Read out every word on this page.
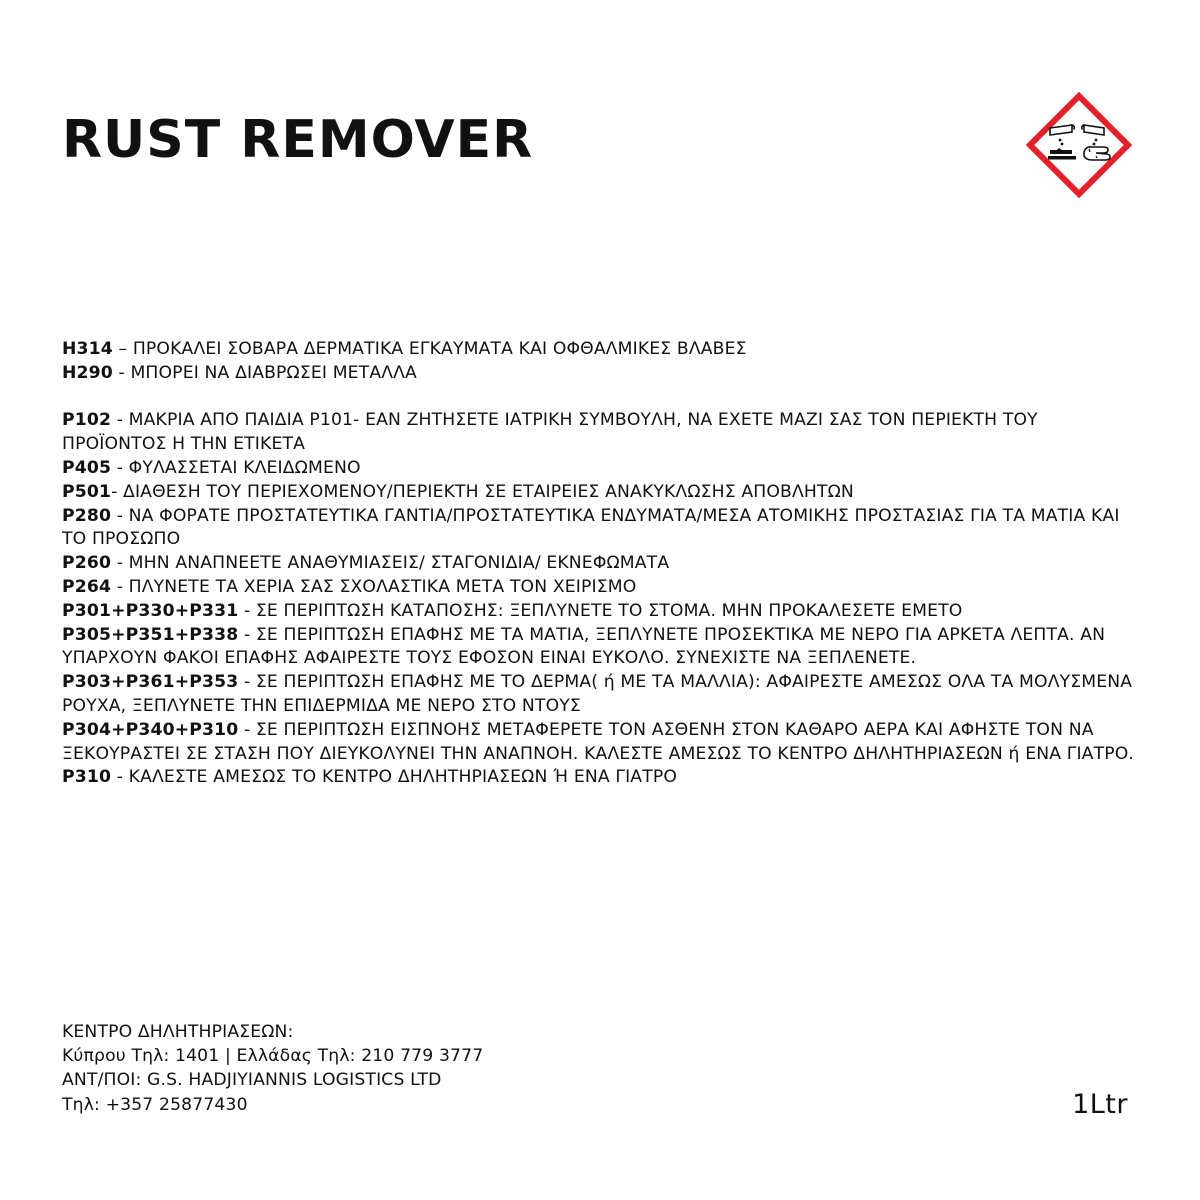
RUST REMOVER

H314 – ΠΡΟΚΑΛΕΙ ΣΟΒΑΡΑ ΔΕΡΜΑΤΙΚΑ ΕΓΚΑΥΜΑΤΑ ΚΑΙ ΟΦΘΑΛΜΙΚΕΣ ΒΛΑΒΕΣ

H290 - ΜΠΟΡΕΙ ΝΑ ΔΙΑΒΡΩΣΕΙ ΜΕΤΑΛΛΑ

P102 - ΜΑΚΡΙΑ ΑΠΟ ΠΑΙΔΙΑ P101- ΕΑΝ ΖΗΤΗΣΕΤΕ ΙΑΤΡΙΚΗ ΣΥΜΒΟΥΛΗ, ΝΑ ΕΧΕΤΕ ΜΑΖΙ ΣΑΣ ΤΟΝ ΠΕΡΙΕΚΤΗ ΤΟΥ ΠΡΟΪΟΝΤΟΣ Η ΤΗΝ ΕΤΙΚΕΤΑ

P405 - ΦΥΛΑΣΣΕΤΑΙ ΚΛΕΙΔΩΜΕΝΟ

P501- ΔΙΑΘΕΣΗ ΤΟΥ ΠΕΡΙΕΧΟΜΕΝΟΥ/ΠΕΡΙΕΚΤΗ ΣΕ ΕΤΑΙΡΕΙΕΣ ΑΝΑΚΥΚΛΩΣΗΣ ΑΠΟΒΛΗΤΩΝ

P280 - ΝΑ ΦΟΡΑΤΕ ΠΡΟΣΤΑΤΕΥΤΙΚΑ ΓΑΝΤΙΑ/ΠΡΟΣΤΑΤΕΥΤΙΚΑ ΕΝΔΥΜΑΤΑ/ΜΕΣΑ ΑΤΟΜΙΚΗΣ ΠΡΟΣΤΑΣΙΑΣ ΓΙΑ ΤΑ ΜΑΤΙΑ ΚΑΙ ΤΟ ΠΡΟΣΩΠΟ

P260 - ΜΗΝ ΑΝΑΠΝΕΕΤΕ ΑΝΑΘΥΜΙΑΣΕΙΣ/ ΣΤΑΓΟΝΙΔΙΑ/ ΕΚΝΕΦΩΜΑΤΑ

P264 - ΠΛΥΝΕΤΕ ΤΑ ΧΕΡΙΑ ΣΑΣ ΣΧΟΛΑΣΤΙΚΑ ΜΕΤΑ ΤΟΝ ΧΕΙΡΙΣΜΟ

P301+P330+P331 - ΣΕ ΠΕΡΙΠΤΩΣΗ ΚΑΤΑΠΟΣΗΣ: ΞΕΠΛΥΝΕΤΕ ΤΟ ΣΤΟΜΑ. ΜΗΝ ΠΡΟΚΑΛΕΣΕΤΕ ΕΜΕΤΟ

P305+P351+P338 - ΣΕ ΠΕΡΙΠΤΩΣΗ ΕΠΑΦΗΣ ΜΕ ΤΑ ΜΑΤΙΑ, ΞΕΠΛΥΝΕΤΕ ΠΡΟΣΕΚΤΙΚΑ ΜΕ ΝΕΡΟ ΓΙΑ ΑΡΚΕΤΑ ΛΕΠΤΑ. ΑΝ ΥΠΑΡΧΟΥΝ ΦΑΚΟΙ ΕΠΑΦΗΣ ΑΦΑΙΡΕΣΤΕ ΤΟΥΣ ΕΦΟΣΟΝ ΕΙΝΑΙ ΕΥΚΟΛΟ. ΣΥΝΕΧΙΣΤΕ ΝΑ ΞΕΠΛΕΝΕΤΕ.

P303+P361+P353 - ΣΕ ΠΕΡΙΠΤΩΣΗ ΕΠΑΦΗΣ ΜΕ ΤΟ ΔΕΡΜΑ( ή ΜΕ ΤΑ ΜΑΛΛΙΑ): ΑΦΑΙΡΕΣΤΕ ΑΜΕΣΩΣ ΟΛΑ ΤΑ ΜΟΛΥΣΜΕΝΑ ΡΟΥΧΑ, ΞΕΠΛΥΝΕΤΕ ΤΗΝ ΕΠΙΔΕΡΜΙΔΑ ΜΕ ΝΕΡΟ ΣΤΟ ΝΤΟΥΣ

P304+P340+P310 - ΣΕ ΠΕΡΙΠΤΩΣΗ ΕΙΣΠΝΟΗΣ ΜΕΤΑΦΕΡΕΤΕ ΤΟΝ ΑΣΘΕΝΗ ΣΤΟΝ ΚΑΘΑΡΟ ΑΕΡΑ ΚΑΙ ΑΦΗΣΤΕ ΤΟΝ ΝΑ ΞΕΚΟΥΡΑΣΤΕΙ ΣΕ ΣΤΑΣΗ ΠΟΥ ΔΙΕΥΚΟΛΥΝΕΙ ΤΗΝ ΑΝΑΠΝΟΗ. ΚΑΛΕΣΤΕ ΑΜΕΣΩΣ ΤΟ ΚΕΝΤΡΟ ΔΗΛΗΤΗΡΙΑΣΕΩΝ ή ΕΝΑ ΓΙΑΤΡΟ.

P310 - ΚΑΛΕΣΤΕ ΑΜΕΣΩΣ ΤΟ ΚΕΝΤΡΟ ΔΗΛΗΤΗΡΙΑΣΕΩΝ Ή ΕΝΑ ΓΙΑΤΡΟ

ΚΕΝΤΡΟ ΔΗΛΗΤΗΡΙΑΣΕΩΝ:
Κύπρου Τηλ: 1401 | Ελλάδας Τηλ: 210 779 3777
ΑΝΤ/ΠΟΙ: G.S. HADJIYIANNIS LOGISTICS LTD
Τηλ: +357 25877430	1Ltr
